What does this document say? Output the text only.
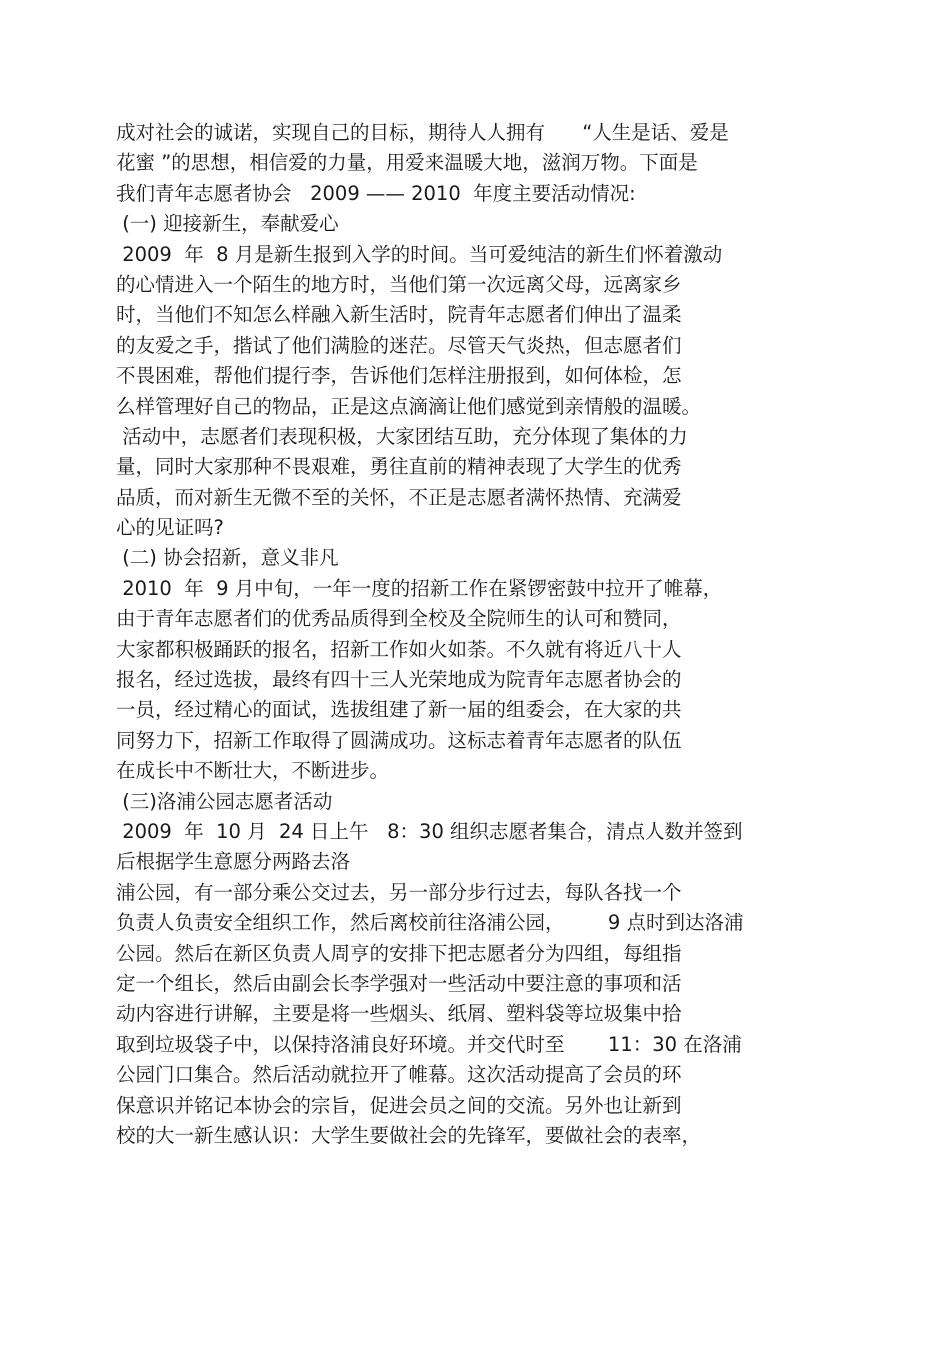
成对社会的诚诺，实现自己的目标，期待人人拥有      “人生是话、爱是
花蜜 ”的思想，相信爱的力量，用爱来温暖大地，滋润万物。下面是
我们青年志愿者协会   2009 —— 2010  年度主要活动情况:
(一) 迎接新生，奉献爱心
2009  年  8 月是新生报到入学的时间。当可爱纯洁的新生们怀着激动
的心情进入一个陌生的地方时，当他们第一次远离父母，远离家乡
时，当他们不知怎么样融入新生活时，院青年志愿者们伸出了温柔
的友爱之手，揩试了他们满脸的迷茫。尽管天气炎热，但志愿者们
不畏困难，帮他们提行李，告诉他们怎样注册报到，如何体检，怎
么样管理好自己的物品，正是这点滴滴让他们感觉到亲情般的温暖。
活动中，志愿者们表现积极，大家团结互助，充分体现了集体的力
量，同时大家那种不畏艰难，勇往直前的精神表现了大学生的优秀
品质，而对新生无微不至的关怀，不正是志愿者满怀热情、充满爱
心的见证吗?
(二) 协会招新，意义非凡
2010  年  9 月中旬，一年一度的招新工作在紧锣密鼓中拉开了帷幕，
由于青年志愿者们的优秀品质得到全校及全院师生的认可和赞同，
大家都积极踊跃的报名，招新工作如火如荼。不久就有将近八十人
报名，经过选拔，最终有四十三人光荣地成为院青年志愿者协会的
一员，经过精心的面试，选拔组建了新一届的组委会，在大家的共
同努力下，招新工作取得了圆满成功。这标志着青年志愿者的队伍
在成长中不断壮大，不断进步。
(三)洛浦公园志愿者活动
2009  年  10 月  24 日上午   8：30 组织志愿者集合，清点人数并签到
后根据学生意愿分两路去洛
浦公园，有一部分乘公交过去，另一部分步行过去，每队各找一个
负责人负责安全组织工作，然后离校前往洛浦公园，       9 点时到达洛浦
公园。然后在新区负责人周亨的安排下把志愿者分为四组，每组指
定一个组长，然后由副会长李学强对一些活动中要注意的事项和活
动内容进行讲解，主要是将一些烟头、纸屑、塑料袋等垃圾集中拾
取到垃圾袋子中，以保持洛浦良好环境。并交代时至       11：30 在洛浦
公园门口集合。然后活动就拉开了帷幕。这次活动提高了会员的环
保意识并铭记本协会的宗旨，促进会员之间的交流。另外也让新到
校的大一新生感认识：大学生要做社会的先锋军，要做社会的表率，
